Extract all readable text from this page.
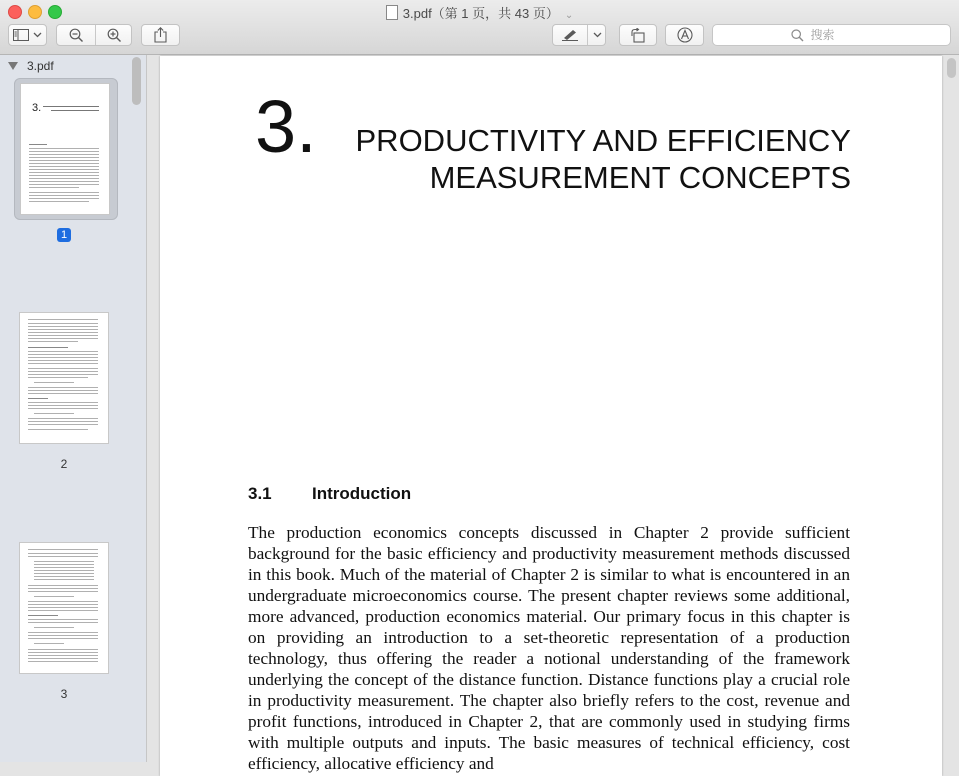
3.pdf（第 1 页，共 43 页） ⌄
搜索
3.pdf
3.
1
2
3
3. PRODUCTIVITY AND EFFICIENCY
MEASUREMENT CONCEPTS
3.1 Introduction
The production economics concepts discussed in Chapter 2 provide sufficient background for the basic efficiency and productivity measurement methods discussed in this book. Much of the material of Chapter 2 is similar to what is encountered in an undergraduate microeconomics course. The present chapter reviews some additional, more advanced, production economics material. Our primary focus in this chapter is on providing an introduction to a set-theoretic representation of a production technology, thus offering the reader a notional understanding of the framework underlying the concept of the distance function. Distance functions play a crucial role in productivity measurement. The chapter also briefly refers to the cost, revenue and profit functions, introduced in Chapter 2, that are commonly used in studying firms with multiple outputs and inputs. The basic measures of technical efficiency, cost efficiency, allocative efficiency and
